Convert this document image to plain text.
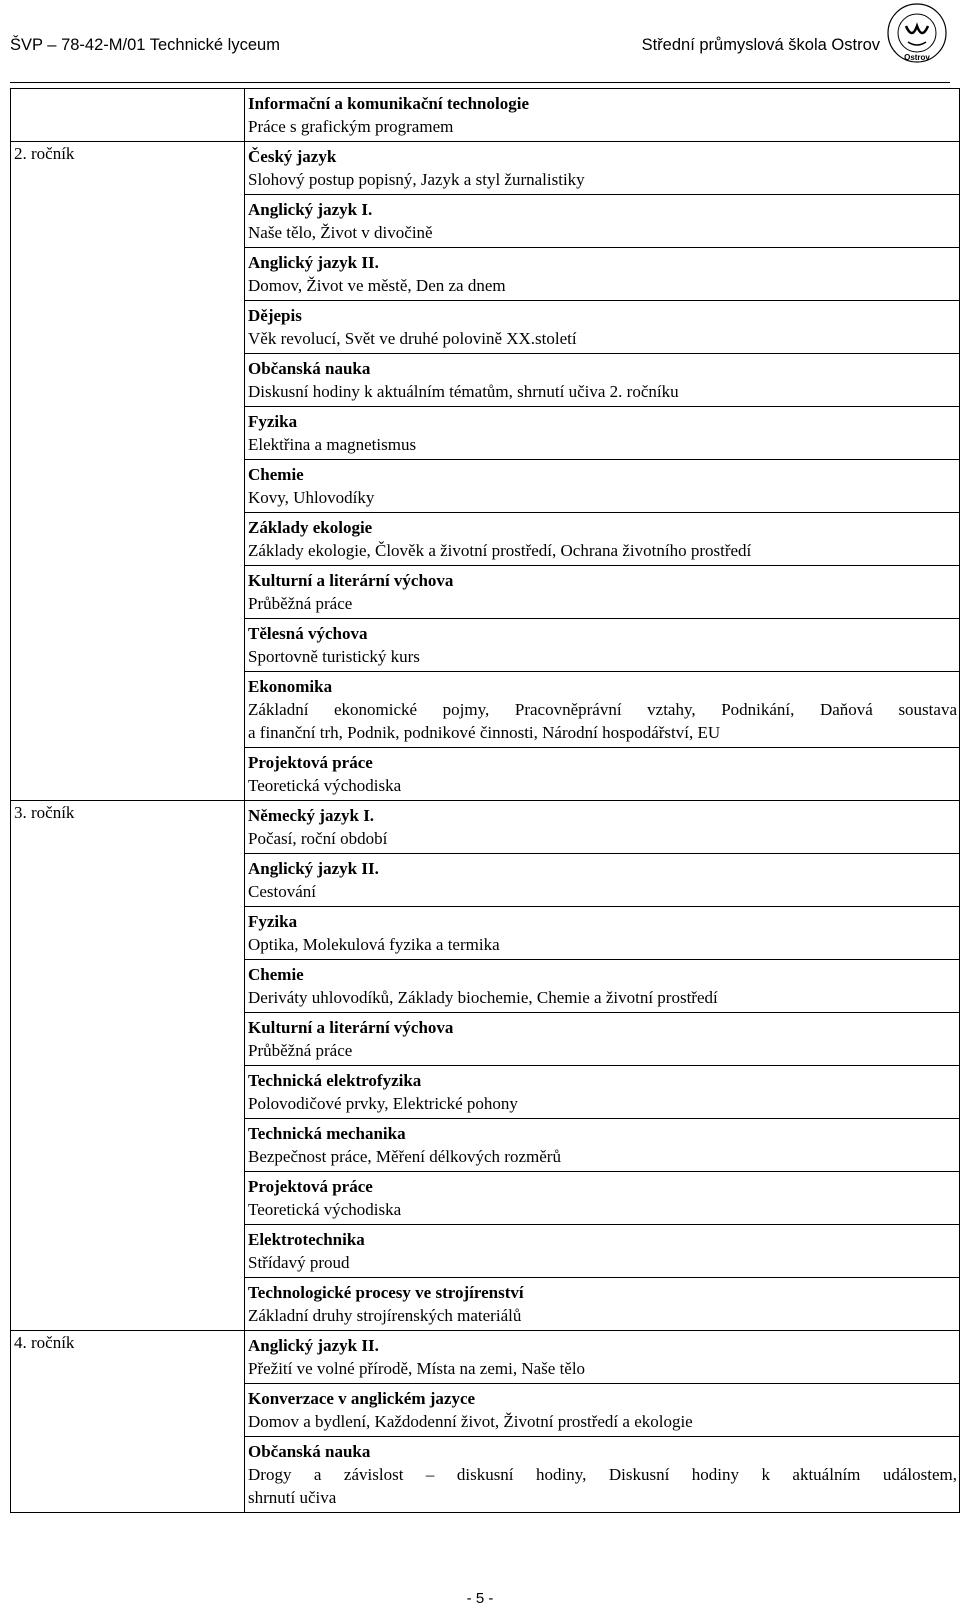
ŠVP – 78-42-M/01 Technické lyceum	Střední průmyslová škola Ostrov
Ostrov

	Informační a komunikační technologie
Práce s grafickým programem

2. ročník	Český jazyk
Slohový postup popisný, Jazyk a styl žurnalistiky

	Anglický jazyk I.
Naše tělo, Život v divočině

	Anglický jazyk II.
Domov, Život ve městě, Den za dnem

	Dějepis
Věk revolucí, Svět ve druhé polovině XX.století

	Občanská nauka
Diskusní hodiny k aktuálním tématům, shrnutí učiva 2. ročníku

	Fyzika
Elektřina a magnetismus

	Chemie
Kovy, Uhlovodíky

	Základy ekologie
Základy ekologie, Člověk a životní prostředí, Ochrana životního prostředí

	Kulturní a literární výchova
Průběžná práce

	Tělesná výchova
Sportovně turistický kurs

	Ekonomika
Základní ekonomické pojmy, Pracovněprávní vztahy, Podnikání, Daňová soustava
a finanční trh, Podnik, podnikové činnosti, Národní hospodářství, EU

	Projektová práce
Teoretická východiska

3. ročník	Německý jazyk I.
Počasí, roční období

	Anglický jazyk II.
Cestování

	Fyzika
Optika, Molekulová fyzika a termika

	Chemie
Deriváty uhlovodíků, Základy biochemie, Chemie a životní prostředí

	Kulturní a literární výchova
Průběžná práce

	Technická elektrofyzika
Polovodičové prvky, Elektrické pohony

	Technická mechanika
Bezpečnost práce, Měření délkových rozměrů

	Projektová práce
Teoretická východiska

	Elektrotechnika
Střídavý proud

	Technologické procesy ve strojírenství
Základní druhy strojírenských materiálů

4. ročník	Anglický jazyk II.
Přežití ve volné přírodě, Místa na zemi, Naše tělo

	Konverzace v anglickém jazyce
Domov a bydlení, Každodenní život, Životní prostředí a ekologie

	Občanská nauka
Drogy a závislost – diskusní hodiny, Diskusní hodiny k aktuálním událostem,
shrnutí učiva
- 5 -
